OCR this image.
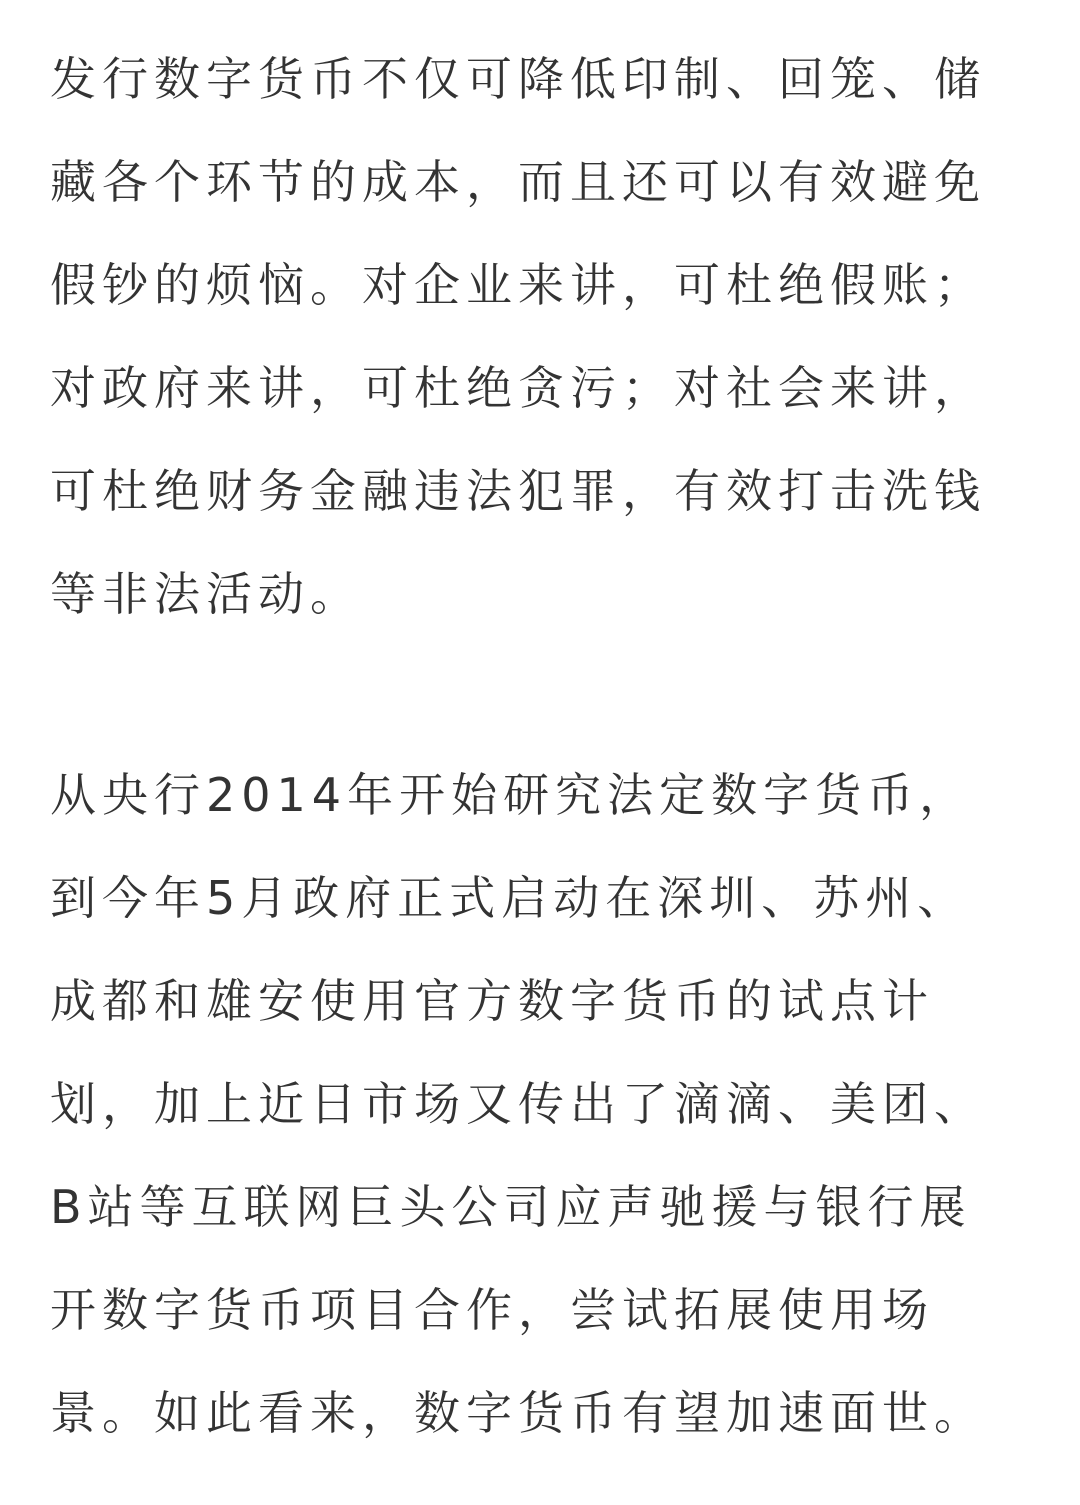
发行数字货币不仅可降低印制、回笼、储
藏各个环节的成本，而且还可以有效避免
假钞的烦恼。对企业来讲，可杜绝假账；
对政府来讲，可杜绝贪污；对社会来讲，
可杜绝财务金融违法犯罪，有效打击洗钱
等非法活动。

从央行2014年开始研究法定数字货币，
到今年5月政府正式启动在深圳、苏州、
成都和雄安使用官方数字货币的试点计
划，加上近日市场又传出了滴滴、美团、
B站等互联网巨头公司应声驰援与银行展
开数字货币项目合作，尝试拓展使用场
景。如此看来，数字货币有望加速面世。
